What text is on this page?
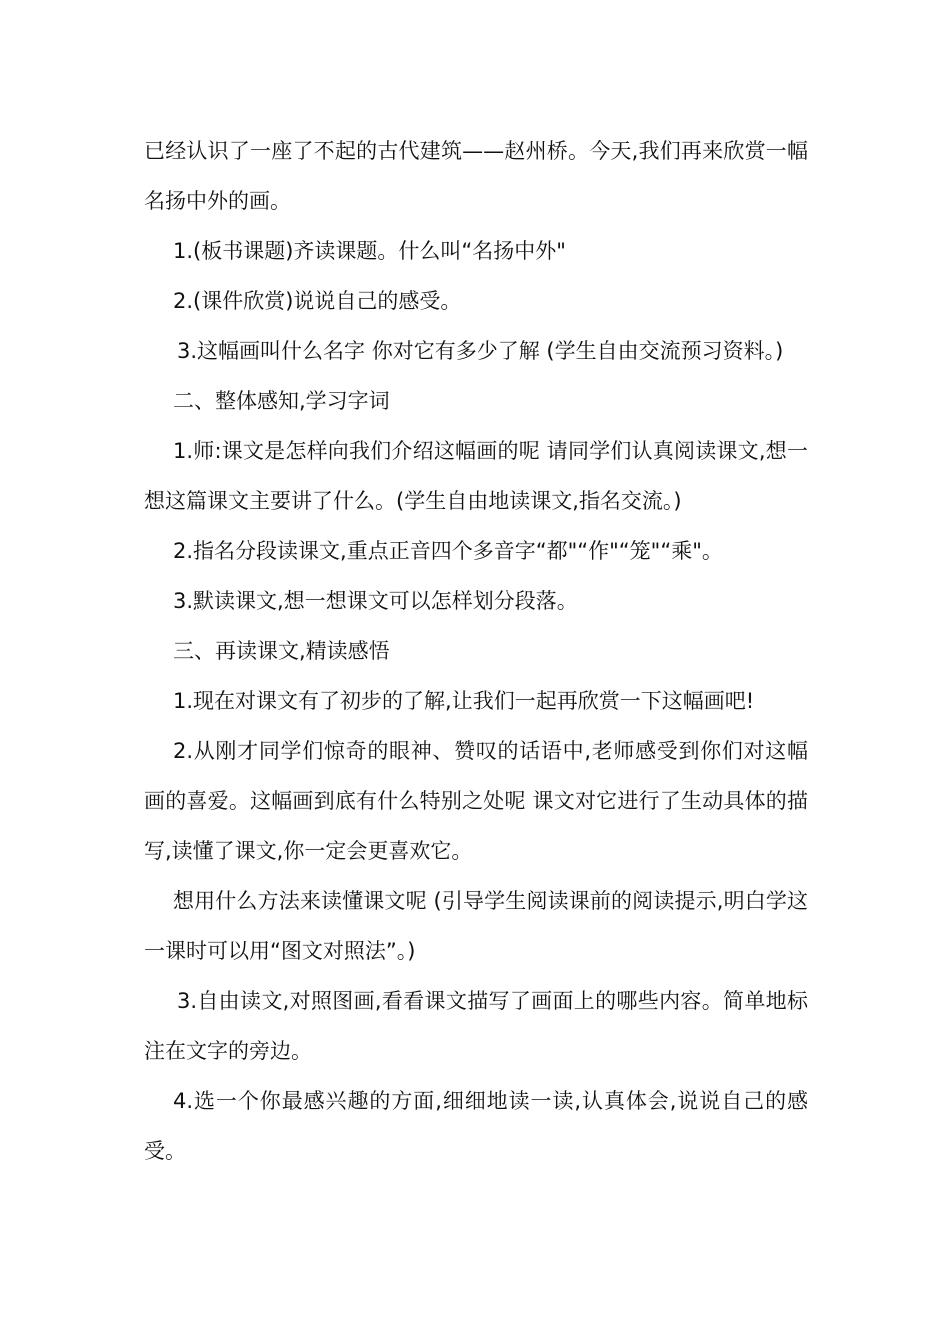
已经认识了一座了不起的古代建筑——赵州桥。今天,我们再来欣赏一幅名扬中外的画。

1.(板书课题)齐读课题。什么叫“名扬中外"

2.(课件欣赏)说说自己的感受。

3.这幅画叫什么名字 你对它有多少了解 (学生自由交流预习资料。)

二、整体感知,学习字词

1.师:课文是怎样向我们介绍这幅画的呢 请同学们认真阅读课文,想一想这篇课文主要讲了什么。(学生自由地读课文,指名交流。)

2.指名分段读课文,重点正音四个多音字“都"“作"“笼"“乘"。

3.默读课文,想一想课文可以怎样划分段落。

三、再读课文,精读感悟

1.现在对课文有了初步的了解,让我们一起再欣赏一下这幅画吧!

2.从刚才同学们惊奇的眼神、赞叹的话语中,老师感受到你们对这幅画的喜爱。这幅画到底有什么特别之处呢 课文对它进行了生动具体的描写,读懂了课文,你一定会更喜欢它。

想用什么方法来读懂课文呢 (引导学生阅读课前的阅读提示,明白学这一课时可以用“图文对照法”。)

3.自由读文,对照图画,看看课文描写了画面上的哪些内容。简单地标注在文字的旁边。

4.选一个你最感兴趣的方面,细细地读一读,认真体会,说说自己的感受。
